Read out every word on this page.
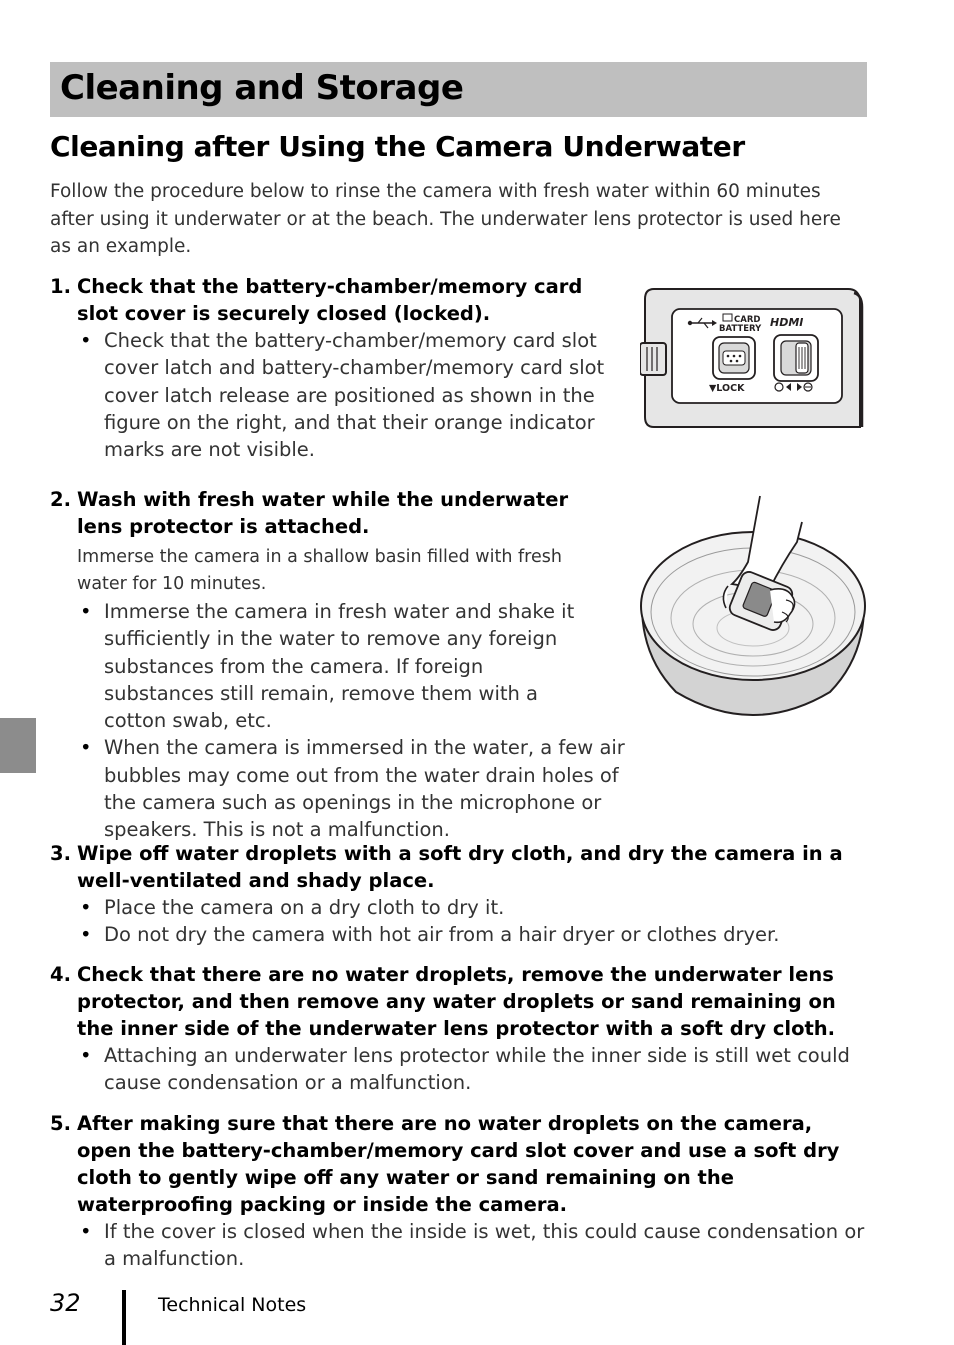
Cleaning and Storage
Cleaning after Using the Camera Underwater

Follow the procedure below to rinse the camera with fresh water within 60 minutes after using it underwater or at the beach. The underwater lens protector is used here as an example.

1. Check that the battery-chamber/memory card slot cover is securely closed (locked).

• Check that the battery-chamber/memory card slot cover latch and battery-chamber/memory card slot cover latch release are positioned as shown in the figure on the right, and that their orange indicator marks are not visible.
CARD
BATTERY HDMI
▼LOCK

2. Wash with fresh water while the underwater lens protector is attached.

Immerse the camera in a shallow basin filled with fresh water for 10 minutes.

• Immerse the camera in fresh water and shake it sufficiently in the water to remove any foreign substances from the camera. If foreign substances still remain, remove them with a cotton swab, etc.
• When the camera is immersed in the water, a few air bubbles may come out from the water drain holes of the camera such as openings in the microphone or speakers. This is not a malfunction.

3. Wipe off water droplets with a soft dry cloth, and dry the camera in a well-ventilated and shady place.

• Place the camera on a dry cloth to dry it.
• Do not dry the camera with hot air from a hair dryer or clothes dryer.

4. Check that there are no water droplets, remove the underwater lens protector, and then remove any water droplets or sand remaining on the inner side of the underwater lens protector with a soft dry cloth.

• Attaching an underwater lens protector while the inner side is still wet could cause condensation or a malfunction.

5. After making sure that there are no water droplets on the camera, open the battery-chamber/memory card slot cover and use a soft dry cloth to gently wipe off any water or sand remaining on the waterproofing packing or inside the camera.

• If the cover is closed when the inside is wet, this could cause condensation or a malfunction.
32	Technical Notes
